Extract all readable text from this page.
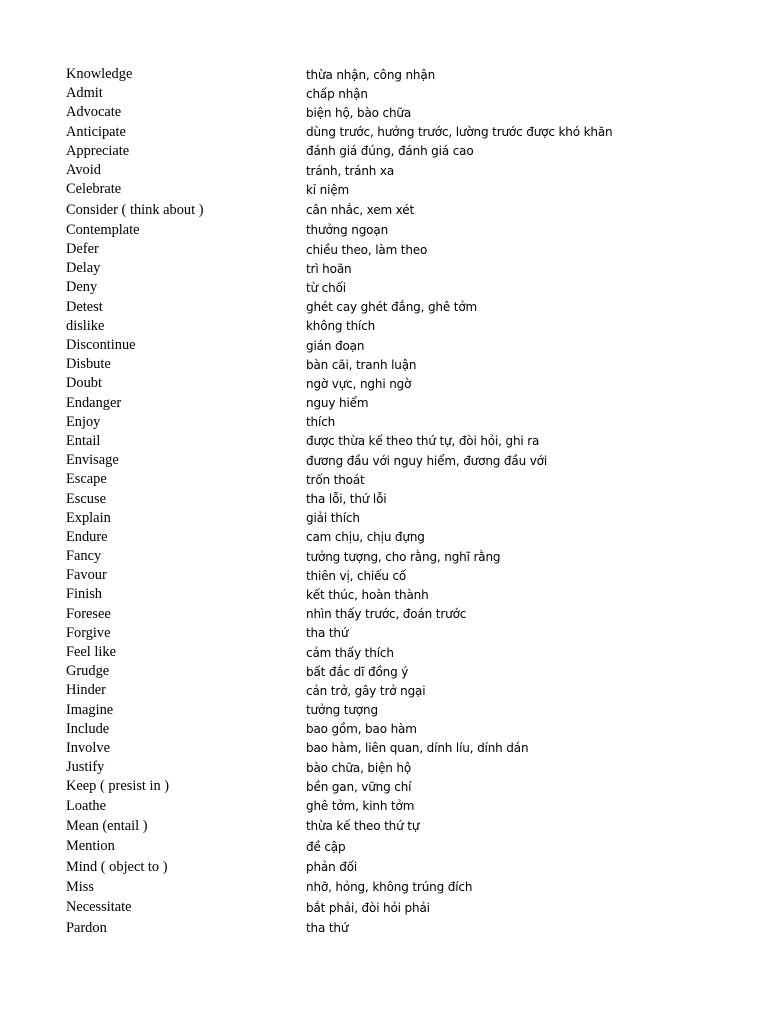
Knowledge	thừa nhận, công nhận
Admit	chấp nhận
Advocate	biện hộ, bào chữa
Anticipate	dùng trước, hưởng trước, lường trước được khó khăn
Appreciate	đánh giá đúng, đánh giá cao
Avoid	tránh, tránh xa
Celebrate	kỉ niệm
Consider ( think about )	cân nhắc, xem xét
Contemplate	thưởng ngoạn
Defer	chiều theo, làm theo
Delay	trì hoãn
Deny	từ chối
Detest	ghét cay ghét đắng, ghê tởm
dislike	không thích
Discontinue	gián đoạn
Disbute	bàn cãi, tranh luận
Doubt	ngờ vực, nghi ngờ
Endanger	nguy hiểm
Enjoy	thích
Entail	được thừa kế theo thứ tự, đòi hỏi, ghi ra
Envisage	đương đầu với nguy hiểm, đương đầu với
Escape	trốn thoát
Escuse	tha lỗi, thứ lỗi
Explain	giải thích
Endure	cam chịu, chịu đựng
Fancy	tưởng tượng, cho rằng, nghĩ rằng
Favour	thiên vị, chiếu cố
Finish	kết thúc, hoàn thành
Foresee	nhìn thấy trước, đoán trước
Forgive	tha thứ
Feel like	cảm thấy thích
Grudge	bất đắc dĩ đồng ý
Hinder	cản trở, gây trở ngại
Imagine	tưởng tượng
Include	bao gồm, bao hàm
Involve	bao hàm, liên quan, dính líu, dính dán
Justify	bào chữa, biện hộ
Keep ( presist in )	bền gan, vững chí
Loathe	ghê tởm, kinh tởm
Mean (entail )	thừa kế theo thứ tự
Mention	đề cập
Mind ( object to )	phản đối
Miss	nhỡ, hỏng, không trúng đích
Necessitate	bắt phải, đòi hỏi phải
Pardon	tha thứ
